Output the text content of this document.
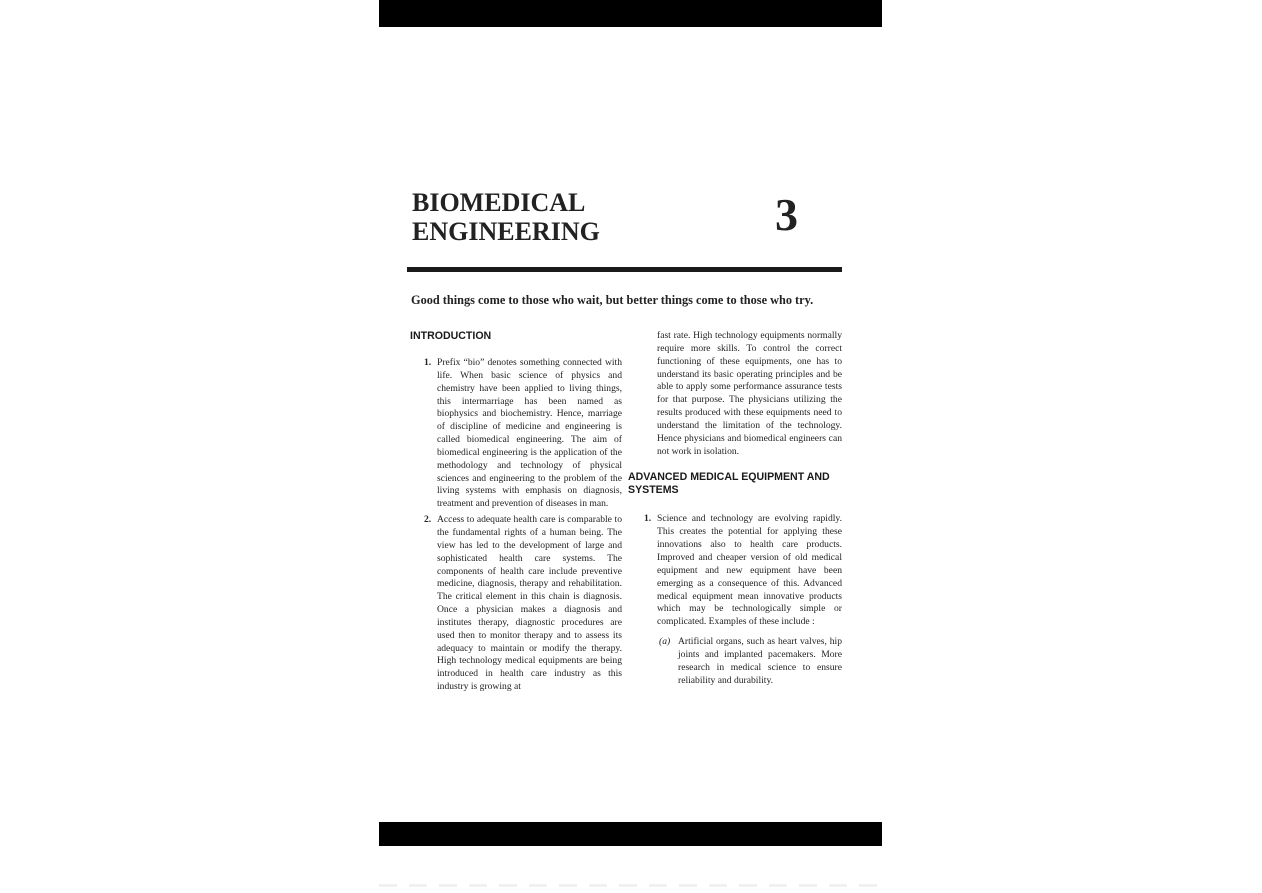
BIOMEDICAL
ENGINEERING	3
Good things come to those who wait, but better things come to those who try.
INTRODUCTION
1. Prefix “bio” denotes something connected with life. When basic science of physics and chemistry have been applied to living things, this intermarriage has been named as biophysics and biochemistry. Hence, marriage of discipline of medicine and engineering is called biomedical engineering. The aim of biomedical engineering is the application of the methodology and technology of physical sciences and engineering to the problem of the living systems with emphasis on diagnosis, treatment and prevention of diseases in man.
2. Access to adequate health care is comparable to the fundamental rights of a human being. The view has led to the development of large and sophisticated health care systems. The components of health care include preventive medicine, diagnosis, therapy and rehabilitation. The critical element in this chain is diagnosis. Once a physician makes a diagnosis and institutes therapy, diagnostic procedures are used then to monitor therapy and to assess its adequacy to maintain or modify the therapy. High technology medical equipments are being introduced in health care industry as this industry is growing at
fast rate. High technology equipments normally require more skills. To control the correct functioning of these equipments, one has to understand its basic operating principles and be able to apply some performance assurance tests for that purpose. The physicians utilizing the results produced with these equipments need to understand the limitation of the technology. Hence physicians and biomedical engineers can not work in isolation.
ADVANCED MEDICAL EQUIPMENT AND
SYSTEMS
1. Science and technology are evolving rapidly. This creates the potential for applying these innovations also to health care products. Improved and cheaper version of old medical equipment and new equipment have been emerging as a consequence of this. Advanced medical equipment mean innovative products which may be technologically simple or complicated. Examples of these include :
(a) Artificial organs, such as heart valves, hip joints and implanted pacemakers. More research in medical science to ensure reliability and durability.
